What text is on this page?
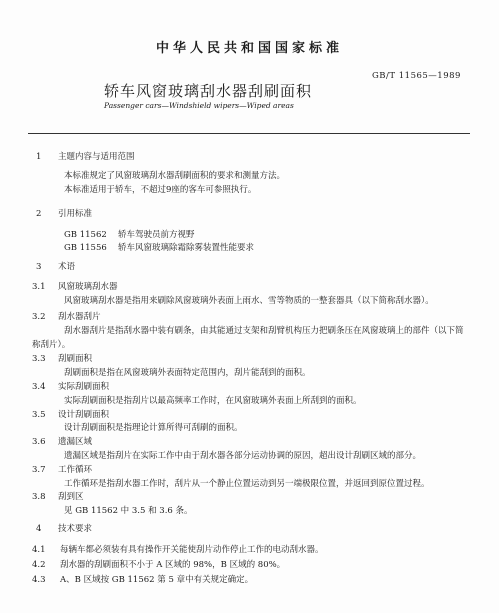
中华人民共和国国家标准
GB/T 11565—1989
轿车风窗玻璃刮水器刮刷面积
Passenger cars—Windshield wipers—Wiped areas
1	主题内容与适用范围
本标准规定了风窗玻璃刮水器刮刷面积的要求和测量方法。
本标准适用于轿车，不超过9座的客车可参照执行。
2	引用标准
GB 11562	轿车驾驶员前方视野
GB 11556	轿车风窗玻璃除霜除雾装置性能要求
3	术语
3.1	风窗玻璃刮水器
风窗玻璃刮水器是指用来刷除风窗玻璃外表面上雨水、雪等物质的一整套器具（以下简称刮水器）。
3.2	刮水器刮片
刮水器刮片是指刮水器中装有刷条，由其能通过支架和刮臂机构压力把刷条压在风窗玻璃上的部件（以下简称刮片）。
3.3	刮刷面积
刮刷面积是指在风窗玻璃外表面特定范围内，刮片能刮到的面积。
3.4	实际刮刷面积
实际刮刷面积是指刮片以最高频率工作时，在风窗玻璃外表面上所刮到的面积。
3.5	设计刮刷面积
设计刮刷面积是指理论计算所得可刮刷的面积。
3.6	遗漏区域
遗漏区域是指刮片在实际工作中由于刮水器各部分运动协调的原因，超出设计刮刷区域的部分。
3.7	工作循环
工作循环是指刮水器工作时，刮片从一个静止位置运动到另一端极限位置，并返回到原位置过程。
3.8	刮到区
见 GB 11562 中 3.5 和 3.6 条。
4	技术要求
4.1	每辆车都必须装有具有操作开关能使刮片动作停止工作的电动刮水器。
4.2	刮水器的刮刷面积不小于 A 区域的 98%，B 区域的 80%。
4.3	A、B 区域按 GB 11562 第 5 章中有关规定确定。
